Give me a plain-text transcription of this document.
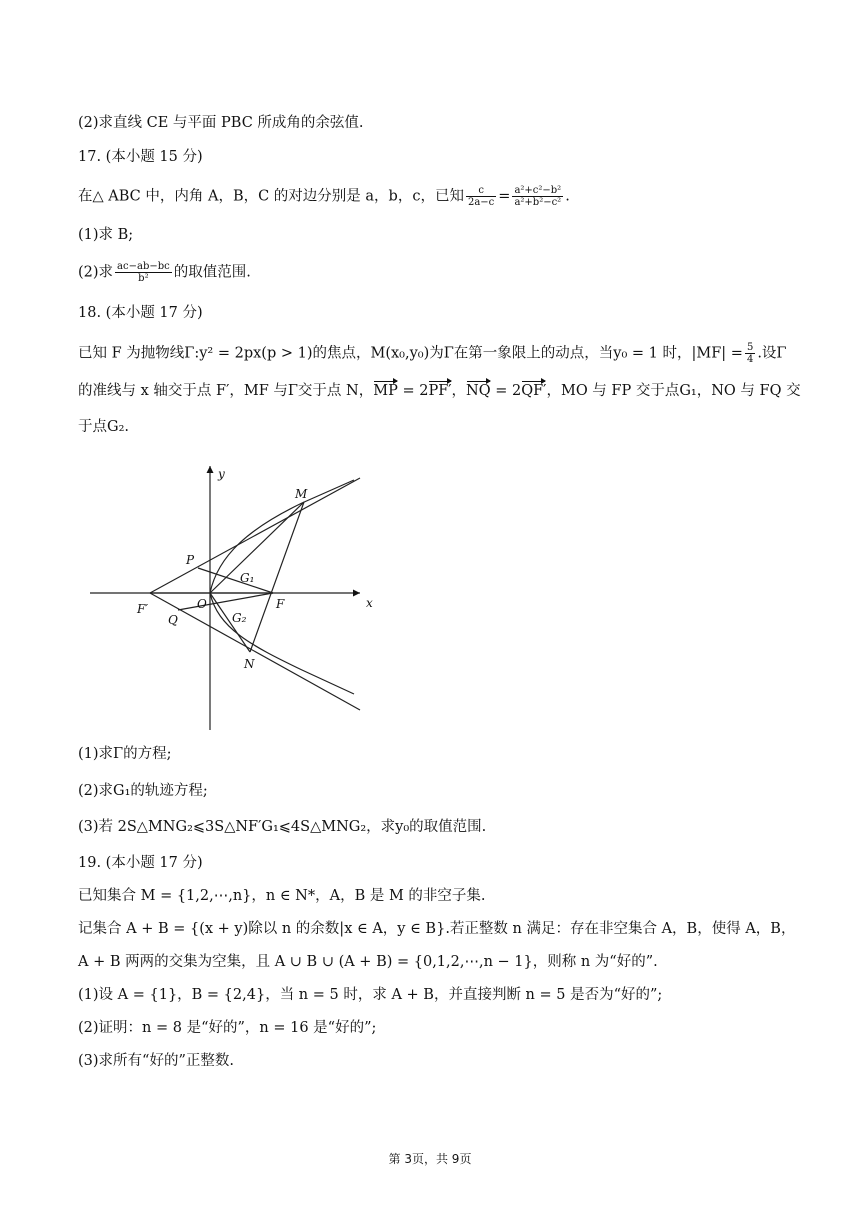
(2)求直线 CE 与平面 PBC 所成角的余弦值.
17. (本小题 15 分)
在△ ABC 中，内角 A，B，C 的对边分别是 a，b，c，已知 $\frac{c}{2a-c} = \frac{\text{a²+c²−b²}}{\text{a²+b²−c²}}$ .
(1)求 B;
(2)求 $\frac{ac-ab-bc}{\text{b²}}$ 的取值范围.
18. (本小题 17 分)
已知 F 为抛物线Γ:y² = 2px(p > 1)的焦点，M(x₀,y₀)为Γ在第一象限上的动点，当y₀ = 1 时，$|MF| = \frac{5}{4}$ .设Γ
的准线与 x 轴交于点 F′，MF 与Γ交于点 N，MP = 2PF′，NQ = 2QF′，MO 与 FP 交于点G₁，NO 与 FQ 交
于点G₂.
y
x
M
P
G₁
O	F
F′
Q	G₂
N
(1)求Γ的方程;
(2)求G₁的轨迹方程;
(3)若 2S△MNG₂⩽3S△NF′G₁⩽4S△MNG₂，求y₀的取值范围.
19. (本小题 17 分)
已知集合 M = {1,2,⋯,n}，n ∈ N*，A，B 是 M 的非空子集.
记集合 A + B = {(x + y)除以 n 的余数|x ∈ A，y ∈ B}.若正整数 n 满足：存在非空集合 A，B，使得 A，B，
A + B 两两的交集为空集，且 A ∪ B ∪ (A + B) = {0,1,2,⋯,n − 1}，则称 n 为“好的”.
(1)设 A = {1}，B = {2,4}，当 n = 5 时，求 A + B，并直接判断 n = 5 是否为“好的”;
(2)证明：n = 8 是“好的”，n = 16 是“好的”;
(3)求所有“好的”正整数.
第 3页，共 9页
